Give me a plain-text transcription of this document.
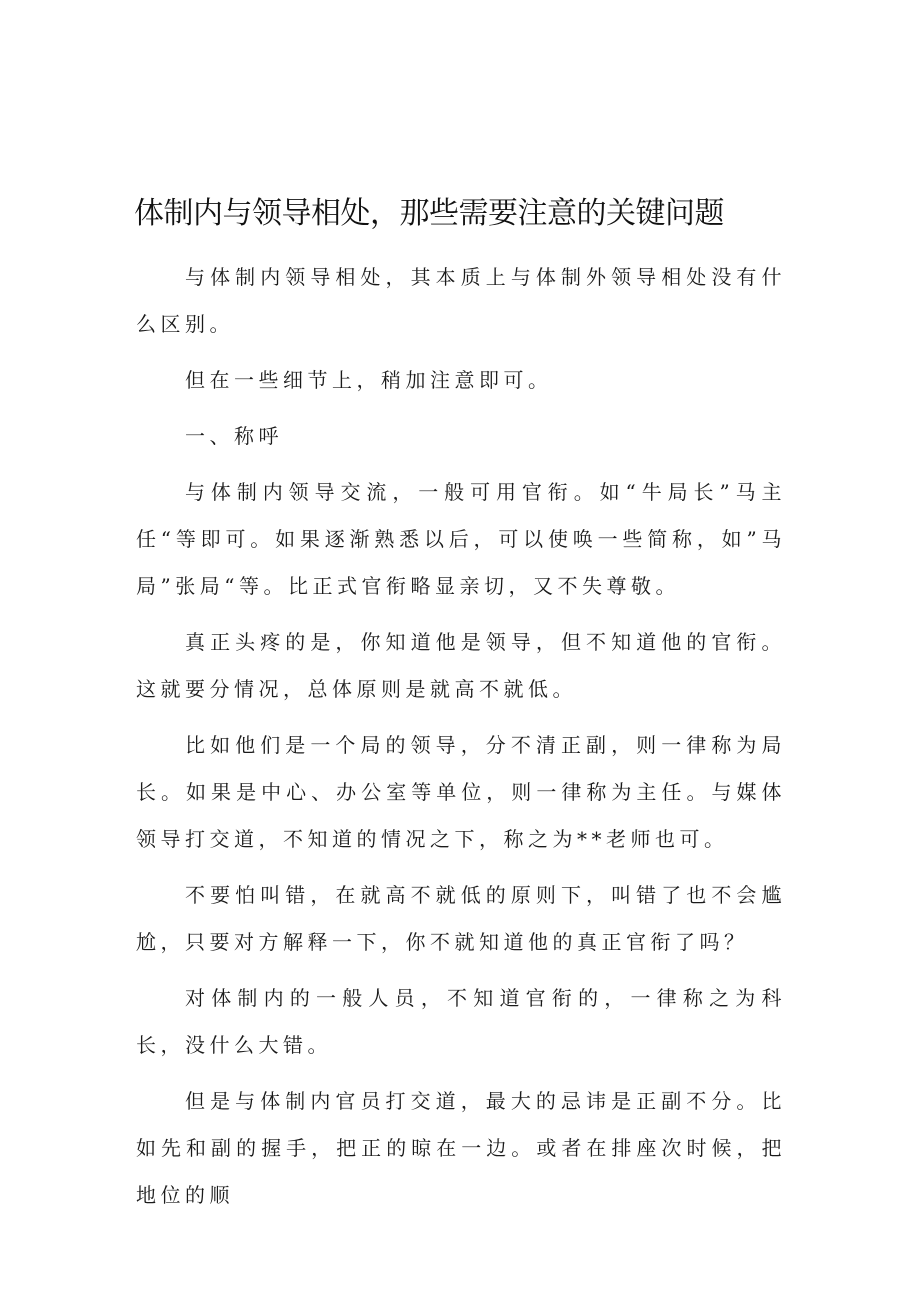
体制内与领导相处，那些需要注意的关键问题

与体制内领导相处，其本质上与体制外领导相处没有什么区别。

但在一些细节上，稍加注意即可。

一、称呼

与体制内领导交流，一般可用官衔。如“牛局长”马主任“等即可。如果逐渐熟悉以后，可以使唤一些简称，如”马局”张局“等。比正式官衔略显亲切，又不失尊敬。

真正头疼的是，你知道他是领导，但不知道他的官衔。这就要分情况，总体原则是就高不就低。

比如他们是一个局的领导，分不清正副，则一律称为局长。如果是中心、办公室等单位，则一律称为主任。与媒体领导打交道，不知道的情况之下，称之为**老师也可。

不要怕叫错，在就高不就低的原则下，叫错了也不会尴尬，只要对方解释一下，你不就知道他的真正官衔了吗？

对体制内的一般人员，不知道官衔的，一律称之为科长，没什么大错。

但是与体制内官员打交道，最大的忌讳是正副不分。比如先和副的握手，把正的晾在一边。或者在排座次时候，把地位的顺
